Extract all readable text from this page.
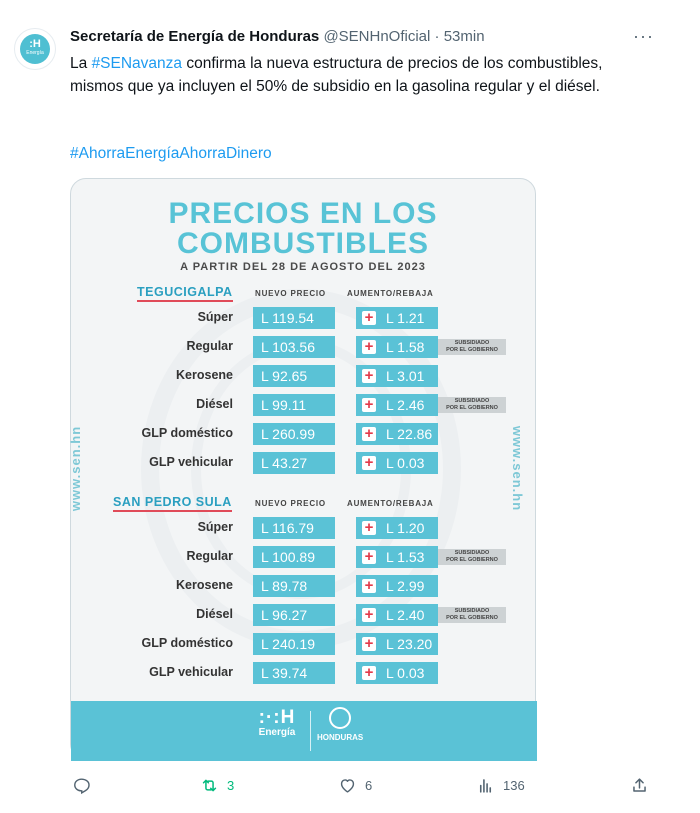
:H
Energía
Secretaría de Energía de Honduras @SENHnOficial · 53min	···

La #SENavanza confirma la nueva estructura de precios de los combustibles, mismos que ya incluyen el 50% de subsidio en la gasolina regular y el diésel.

#AhorraEnergíaAhorraDinero
PRECIOS EN LOS
COMBUSTIBLES
A PARTIR DEL 28 DE AGOSTO DEL 2023
www.sen.hn	www.sen.hn
TEGUCIGALPA	NUEVO PRECIO	AUMENTO/REBAJA
Súper	L 119.54	+ L 1.21
Regular	L 103.56	+ L 1.58	SUBSIDIADO
POR EL GOBIERNO
Kerosene	L 92.65	+ L 3.01
Diésel	L 99.11	+ L 2.46	SUBSIDIADO
POR EL GOBIERNO
GLP doméstico	L 260.99	+ L 22.86
GLP vehicular	L 43.27	+ L 0.03
SAN PEDRO SULA	NUEVO PRECIO	AUMENTO/REBAJA
Súper	L 116.79	+ L 1.20
Regular	L 100.89	+ L 1.53	SUBSIDIADO
POR EL GOBIERNO
Kerosene	L 89.78	+ L 2.99
Diésel	L 96.27	+ L 2.40	SUBSIDIADO
POR EL GOBIERNO
GLP doméstico	L 240.19	+ L 23.20
GLP vehicular	L 39.74	+ L 0.03
:·:H
Energía	HONDURAS
3	6	136
